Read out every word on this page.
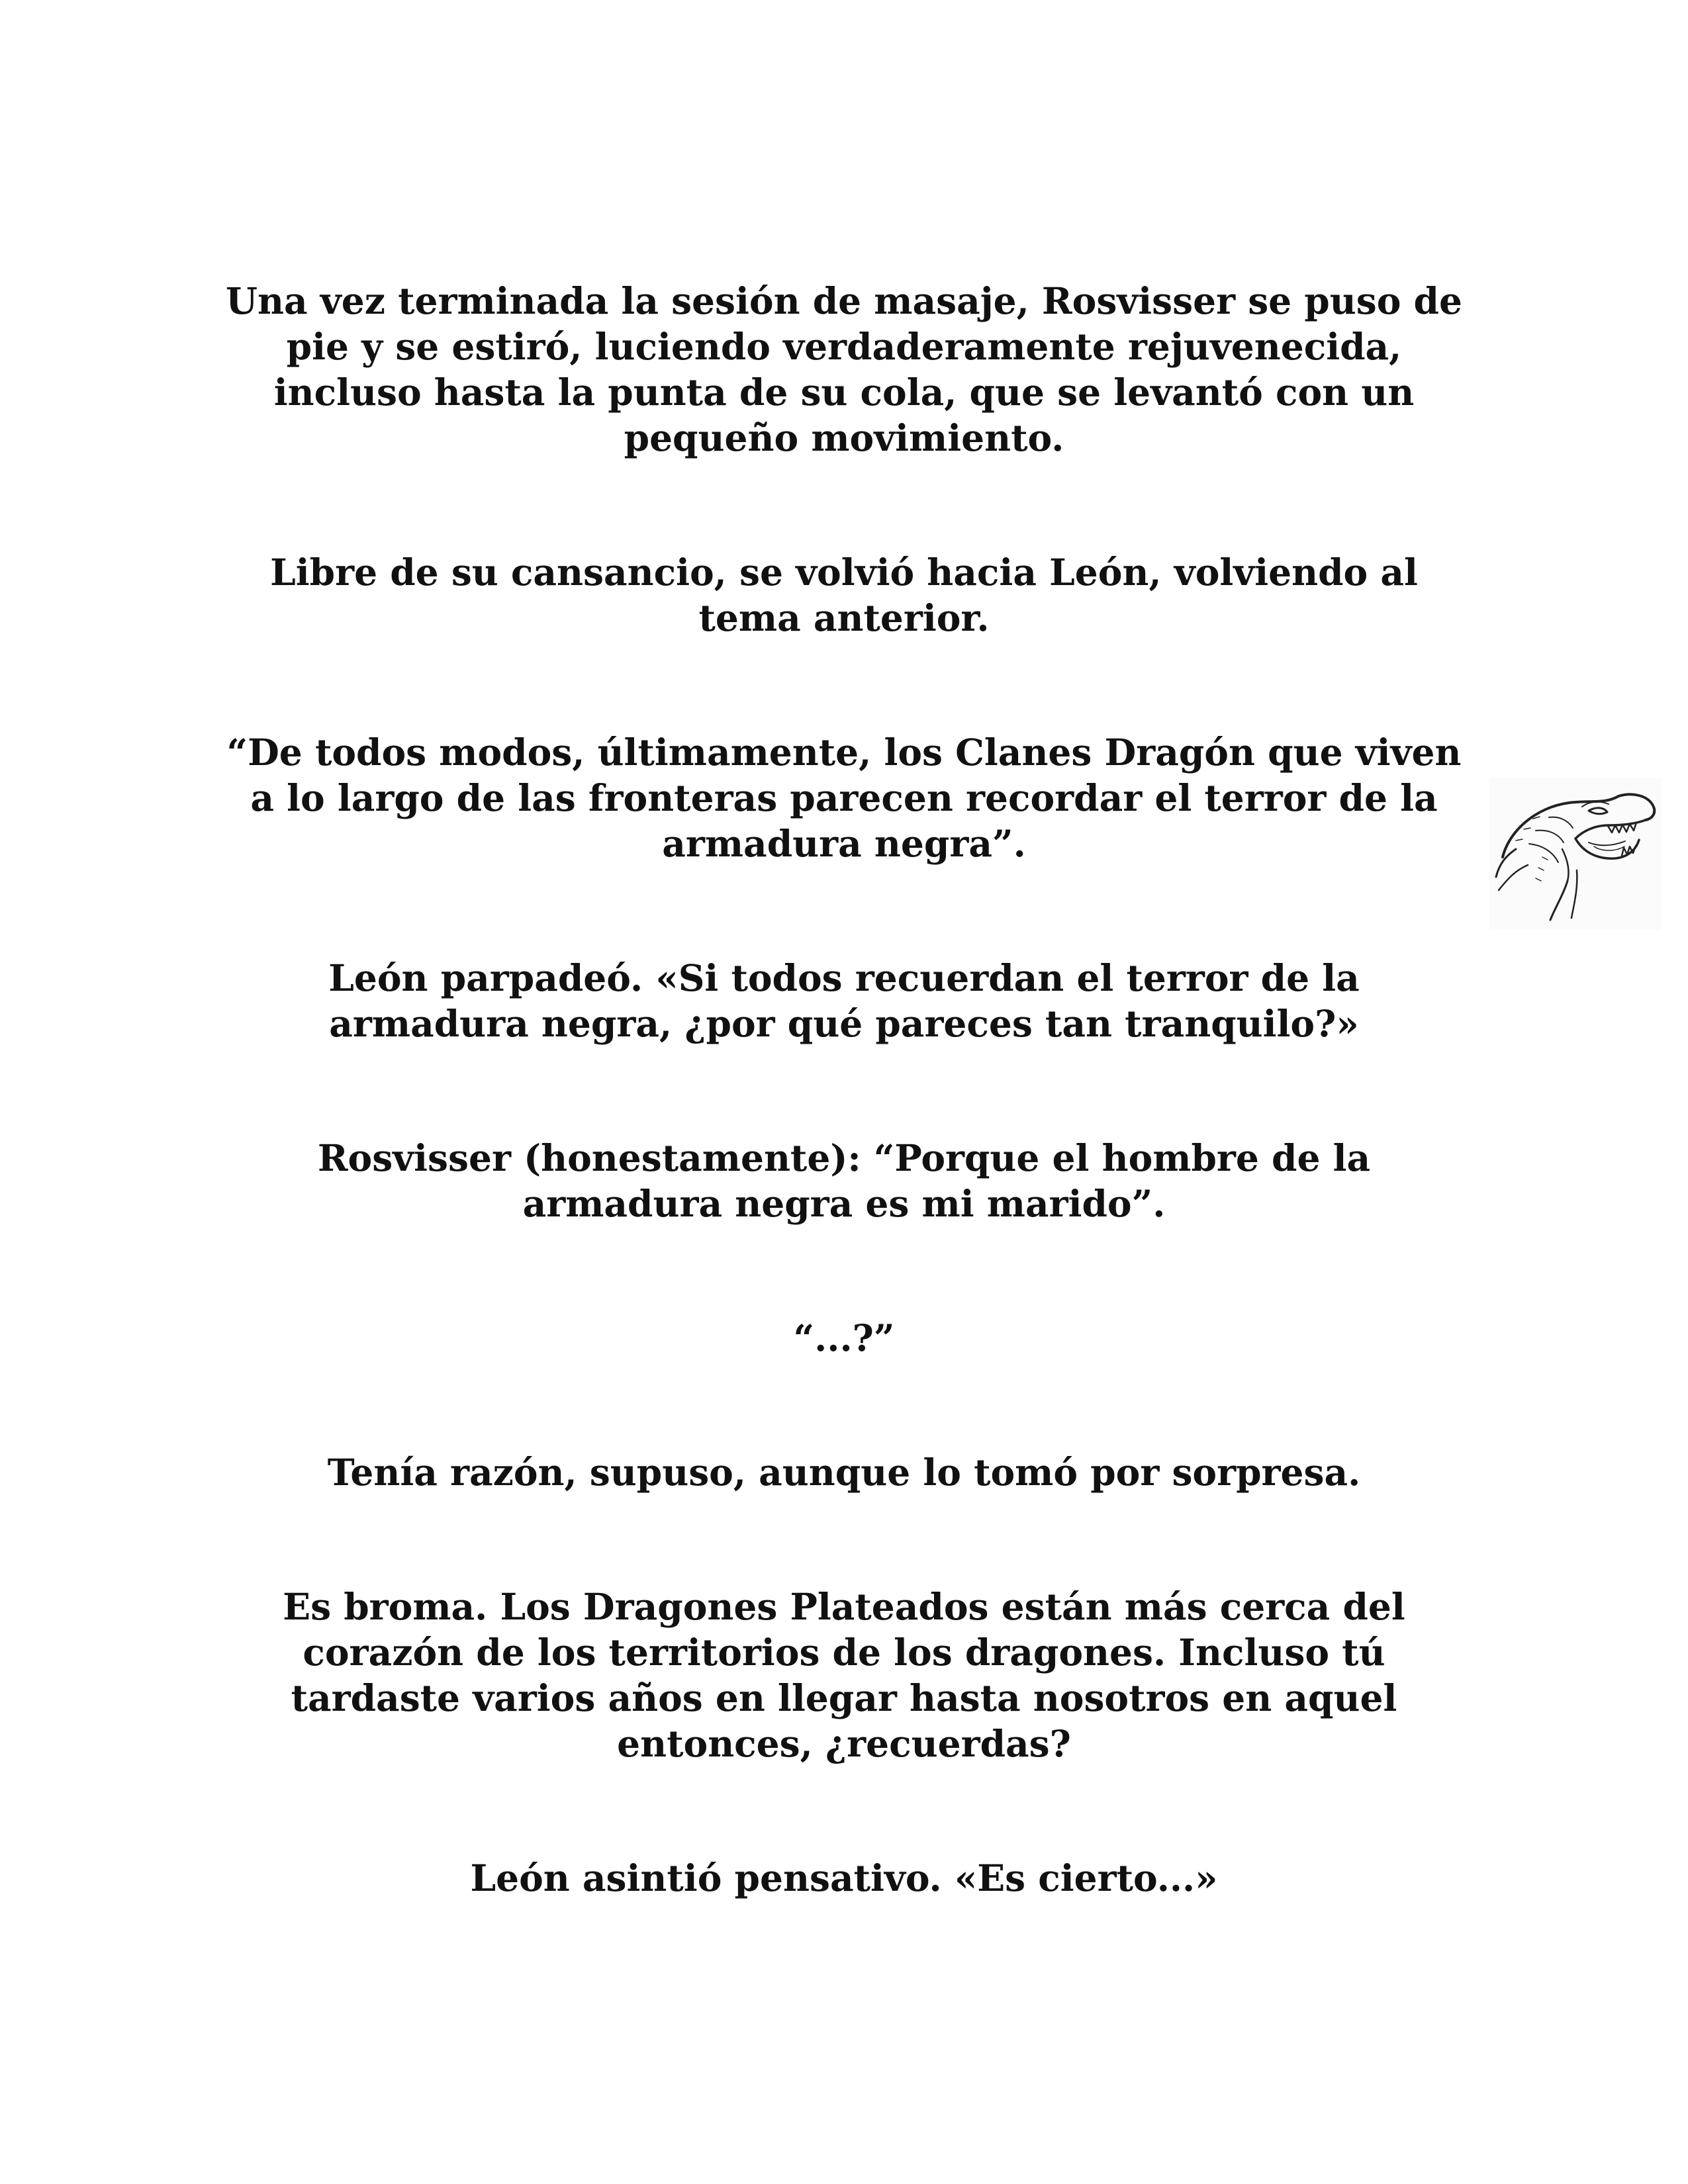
Una vez terminada la sesión de masaje, Rosvisser se puso de pie y se estiró, luciendo verdaderamente rejuvenecida, incluso hasta la punta de su cola, que se levantó con un pequeño movimiento.

Libre de su cansancio, se volvió hacia León, volviendo al tema anterior.

“De todos modos, últimamente, los Clanes Dragón que viven a lo largo de las fronteras parecen recordar el terror de la armadura negra”.

León parpadeó. «Si todos recuerdan el terror de la armadura negra, ¿por qué pareces tan tranquilo?»

Rosvisser (honestamente): “Porque el hombre de la armadura negra es mi marido”.

“...?”

Tenía razón, supuso, aunque lo tomó por sorpresa.

Es broma. Los Dragones Plateados están más cerca del corazón de los territorios de los dragones. Incluso tú tardaste varios años en llegar hasta nosotros en aquel entonces, ¿recuerdas?

León asintió pensativo. «Es cierto...»
